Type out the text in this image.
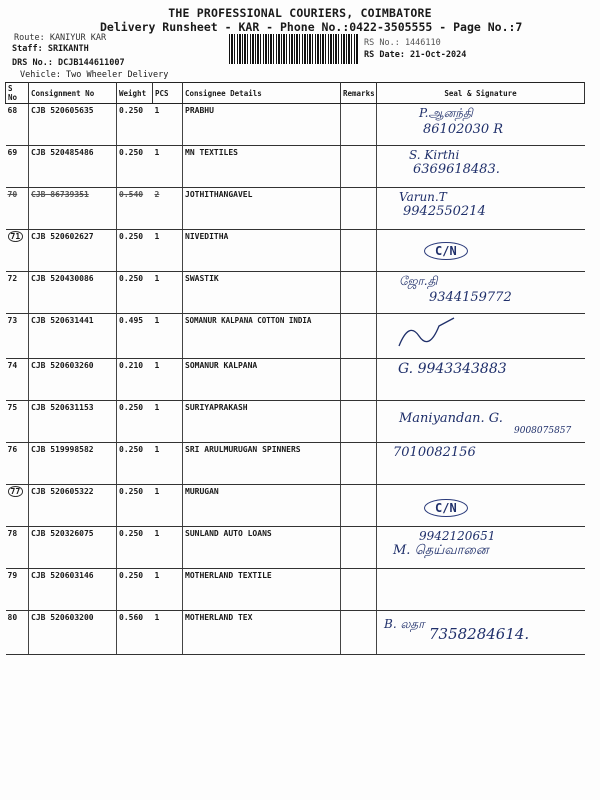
THE PROFESSIONAL COURIERS, COIMBATORE
Delivery Runsheet - KAR - Phone No.:0422-3505555 - Page No.:7
Route: KANIYUR KAR
Staff: SRIKANTH
DRS No.: DCJB144611007
Vehicle: Two Wheeler Delivery
RS No.: 1446110
RS Date: 21-Oct-2024
S No	Consignment No	Weight	PCS	Consignee Details	Remarks	Seal & Signature
68	CJB 520605635	0.250	1	PRABHU		P.ஆனந்தி
86102030 R

69	CJB 520485486	0.250	1	MN TEXTILES		S. Kirthi
6369618483.

70	CJB 86739351	0.540	2	JOTHITHANGAVEL		Varun.T
9942550214

71	CJB 520602627	0.250	1	NIVEDITHA		C/N
72	CJB 520430086	0.250	1	SWASTIK		ஜோ.தி
9344159772

73	CJB 520631441	0.495	1	SOMANUR KALPANA COTTON INDIA		
74	CJB 520603260	0.210	1	SOMANUR KALPANA		G. 9943343883

75	CJB 520631153	0.250	1	SURIYAPRAKASH		Maniyandan. G.
9008075857

76	CJB 519998582	0.250	1	SRI ARULMURUGAN SPINNERS		7010082156

77	CJB 520605322	0.250	1	MURUGAN		C/N
78	CJB 520326075	0.250	1	SUNLAND AUTO LOANS		9942120651
M. தெய்வானை

79	CJB 520603146	0.250	1	MOTHERLAND TEXTILE		
80	CJB 520603200	0.560	1	MOTHERLAND TEX		B. லதா
7358284614.
